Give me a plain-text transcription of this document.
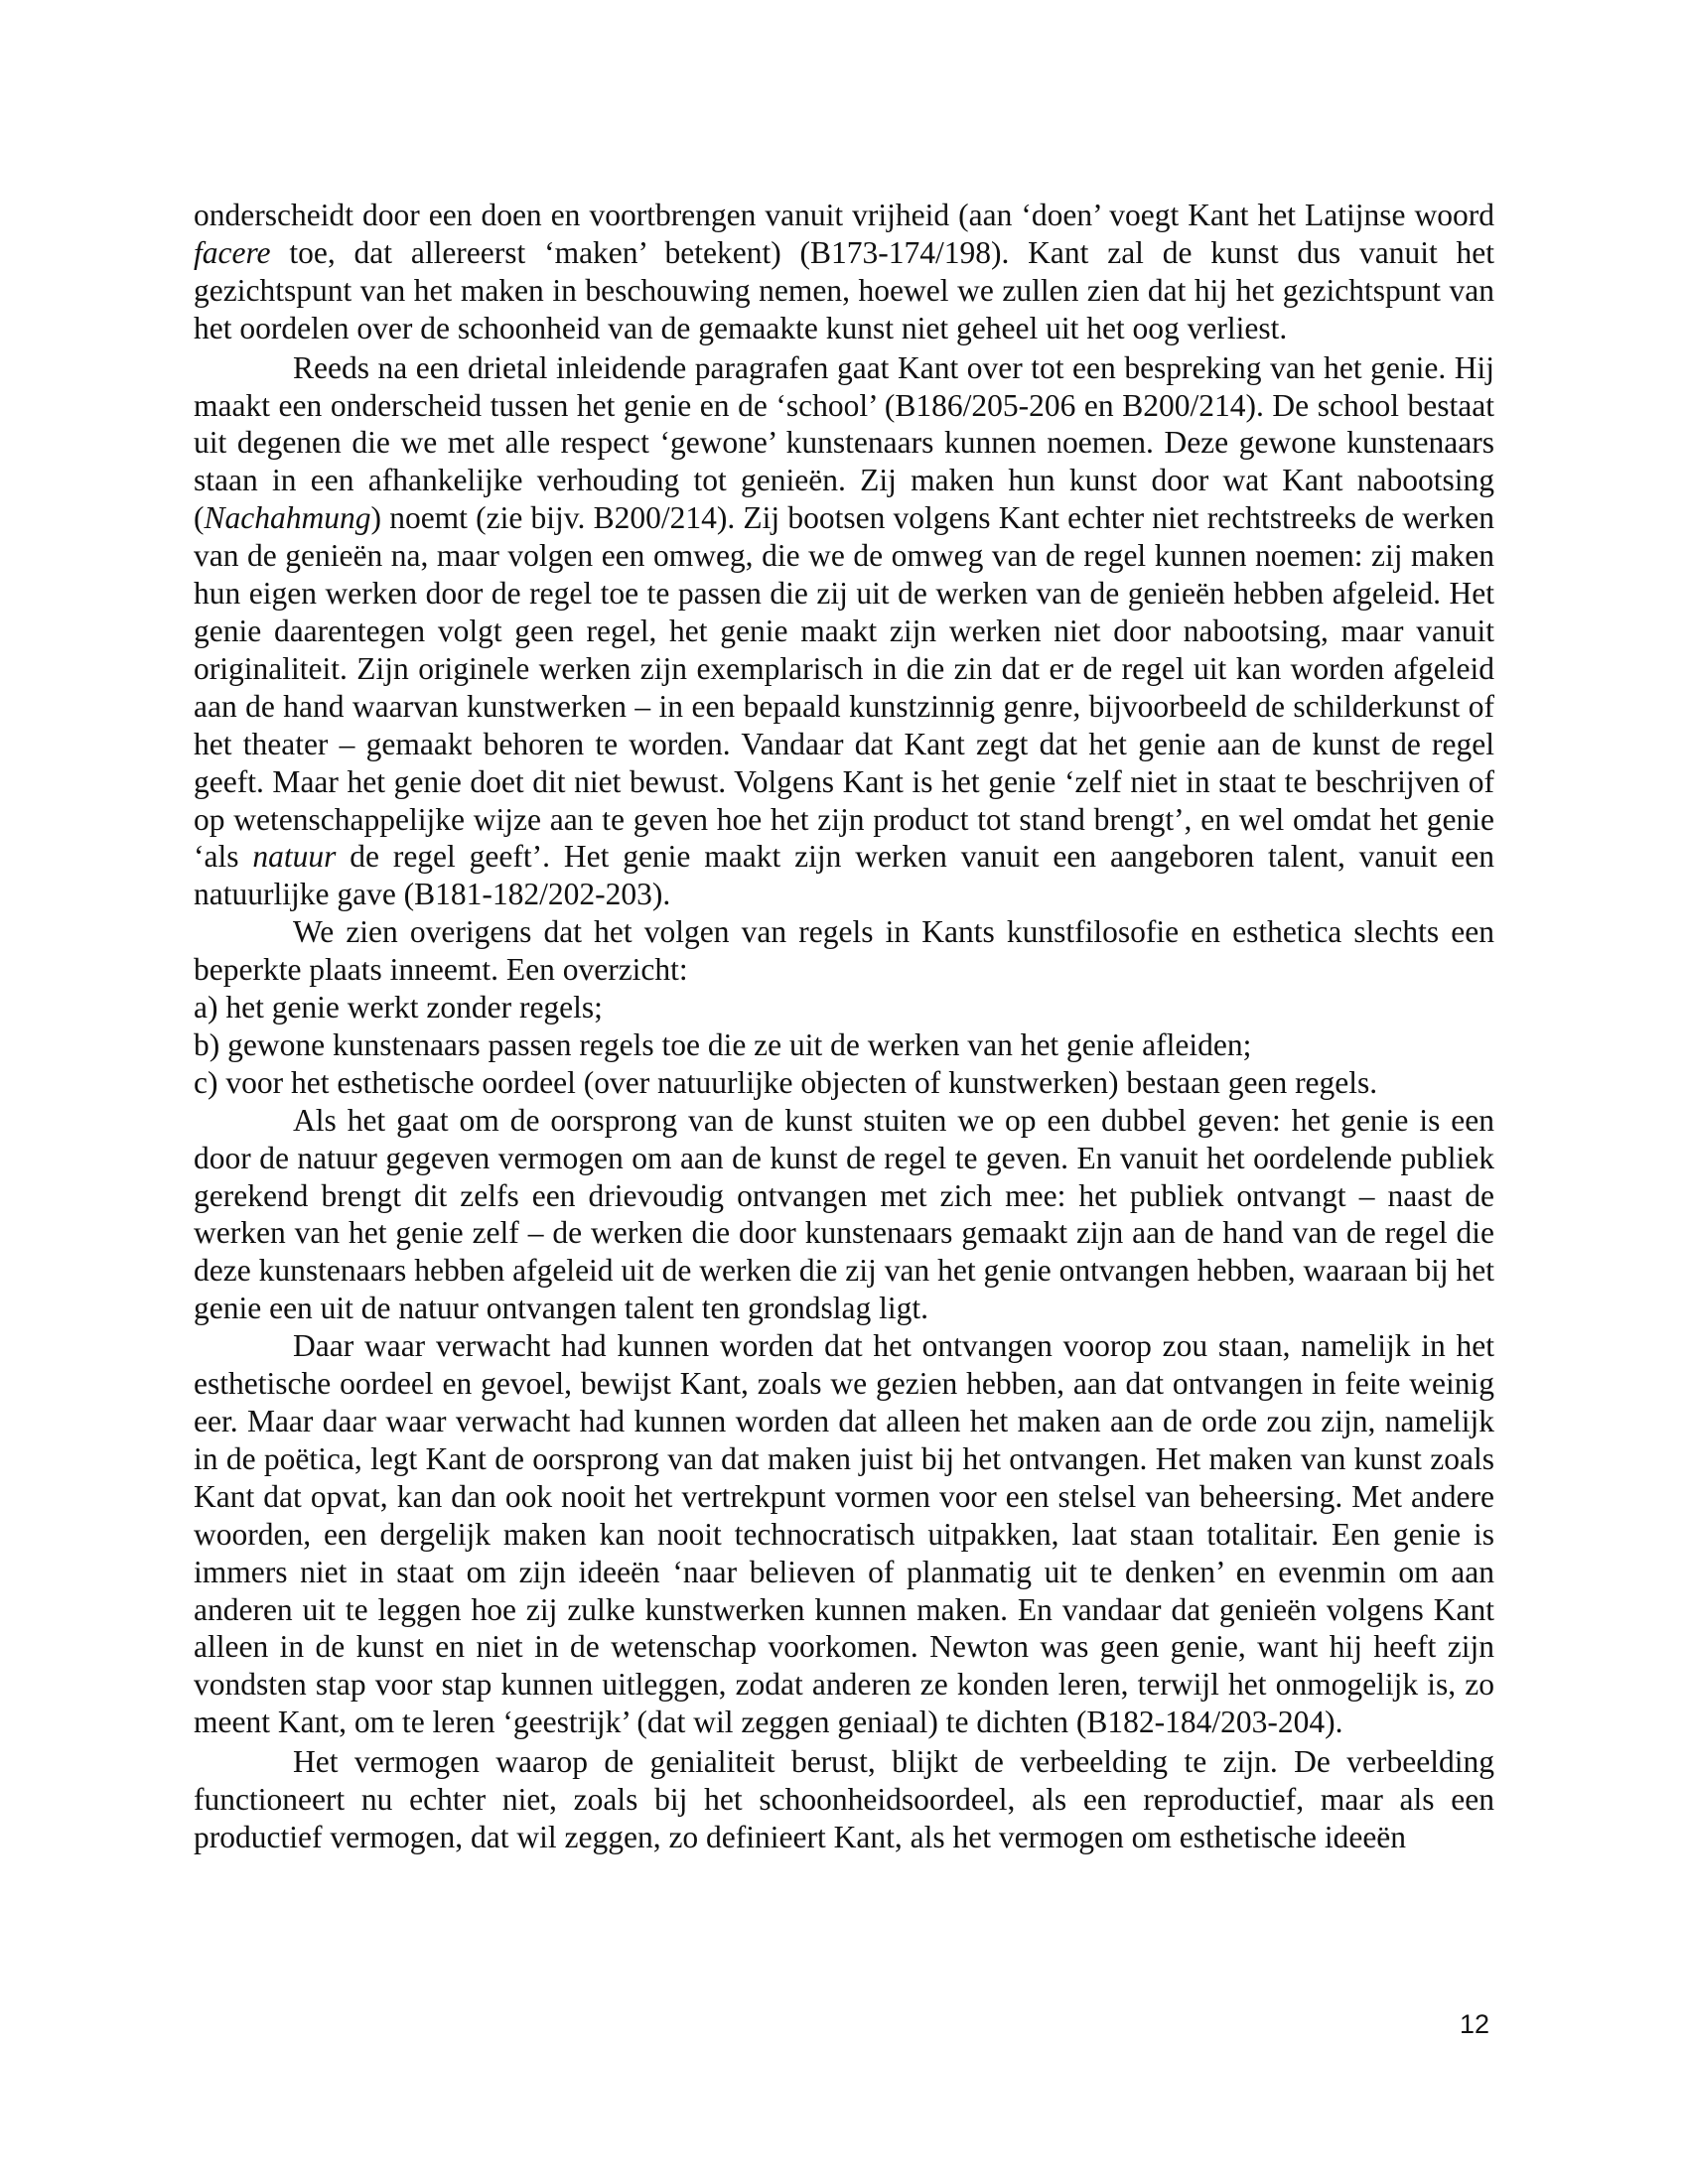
onderscheidt door een doen en voortbrengen vanuit vrijheid (aan ‘doen’ voegt Kant het Latijnse woord facere toe, dat allereerst ‘maken’ betekent) (B173-174/198). Kant zal de kunst dus vanuit het gezichtspunt van het maken in beschouwing nemen, hoewel we zullen zien dat hij het gezichtspunt van het oordelen over de schoonheid van de gemaakte kunst niet geheel uit het oog verliest.

Reeds na een drietal inleidende paragrafen gaat Kant over tot een bespreking van het genie. Hij maakt een onderscheid tussen het genie en de ‘school’ (B186/205-206 en B200/214). De school bestaat uit degenen die we met alle respect ‘gewone’ kunstenaars kunnen noemen. Deze gewone kunstenaars staan in een afhankelijke verhouding tot genieën. Zij maken hun kunst door wat Kant nabootsing (Nachahmung) noemt (zie bijv. B200/214). Zij bootsen volgens Kant echter niet rechtstreeks de werken van de genieën na, maar volgen een omweg, die we de omweg van de regel kunnen noemen: zij maken hun eigen werken door de regel toe te passen die zij uit de werken van de genieën hebben afgeleid. Het genie daarentegen volgt geen regel, het genie maakt zijn werken niet door nabootsing, maar vanuit originaliteit. Zijn originele werken zijn exemplarisch in die zin dat er de regel uit kan worden afgeleid aan de hand waarvan kunstwerken – in een bepaald kunstzinnig genre, bijvoorbeeld de schilderkunst of het theater – gemaakt behoren te worden. Vandaar dat Kant zegt dat het genie aan de kunst de regel geeft. Maar het genie doet dit niet bewust. Volgens Kant is het genie ‘zelf niet in staat te beschrijven of op wetenschappelijke wijze aan te geven hoe het zijn product tot stand brengt’, en wel omdat het genie ‘als natuur de regel geeft’. Het genie maakt zijn werken vanuit een aangeboren talent, vanuit een natuurlijke gave (B181-182/202-203).

We zien overigens dat het volgen van regels in Kants kunstfilosofie en esthetica slechts een beperkte plaats inneemt. Een overzicht:

a) het genie werkt zonder regels;

b) gewone kunstenaars passen regels toe die ze uit de werken van het genie afleiden;

c) voor het esthetische oordeel (over natuurlijke objecten of kunstwerken) bestaan geen regels.

Als het gaat om de oorsprong van de kunst stuiten we op een dubbel geven: het genie is een door de natuur gegeven vermogen om aan de kunst de regel te geven. En vanuit het oordelende publiek gerekend brengt dit zelfs een drievoudig ontvangen met zich mee: het publiek ontvangt – naast de werken van het genie zelf – de werken die door kunstenaars gemaakt zijn aan de hand van de regel die deze kunstenaars hebben afgeleid uit de werken die zij van het genie ontvangen hebben, waaraan bij het genie een uit de natuur ontvangen talent ten grondslag ligt.

Daar waar verwacht had kunnen worden dat het ontvangen voorop zou staan, namelijk in het esthetische oordeel en gevoel, bewijst Kant, zoals we gezien hebben, aan dat ontvangen in feite weinig eer. Maar daar waar verwacht had kunnen worden dat alleen het maken aan de orde zou zijn, namelijk in de poëtica, legt Kant de oorsprong van dat maken juist bij het ontvangen. Het maken van kunst zoals Kant dat opvat, kan dan ook nooit het vertrekpunt vormen voor een stelsel van beheersing. Met andere woorden, een dergelijk maken kan nooit technocratisch uitpakken, laat staan totalitair. Een genie is immers niet in staat om zijn ideeën ‘naar believen of planmatig uit te denken’ en evenmin om aan anderen uit te leggen hoe zij zulke kunstwerken kunnen maken. En vandaar dat genieën volgens Kant alleen in de kunst en niet in de wetenschap voorkomen. Newton was geen genie, want hij heeft zijn vondsten stap voor stap kunnen uitleggen, zodat anderen ze konden leren, terwijl het onmogelijk is, zo meent Kant, om te leren ‘geestrijk’ (dat wil zeggen geniaal) te dichten (B182-184/203-204).

Het vermogen waarop de genialiteit berust, blijkt de verbeelding te zijn. De verbeelding functioneert nu echter niet, zoals bij het schoonheidsoordeel, als een reproductief, maar als een productief vermogen, dat wil zeggen, zo definieert Kant, als het vermogen om esthetische ideeën

12
